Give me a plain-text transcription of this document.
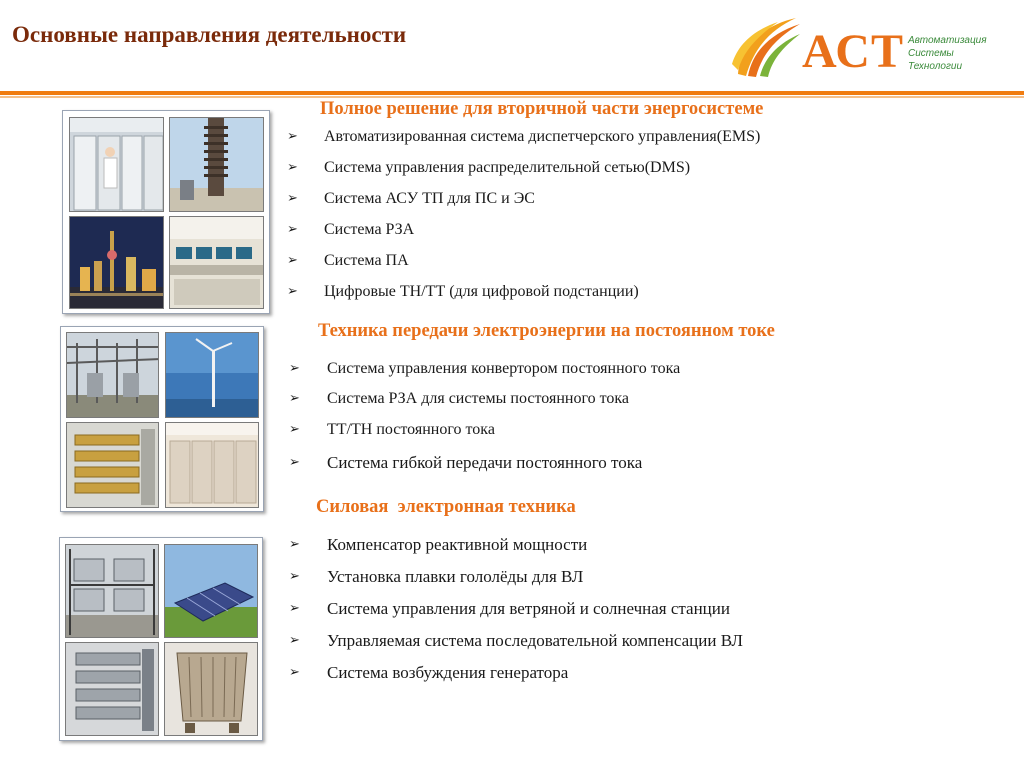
Основные направления деятельности	АСТ Автоматизация
Системы
Технологии
Полное решение для вторичной части энергосистеме
➢ Автоматизированная система диспетчерского управления(EMS)
➢ Система управления распределительной сетью(DMS)
➢ Система АСУ ТП для ПС и ЭС
➢ Система РЗА
➢ Система ПА
➢ Цифровые ТН/ТТ (для цифровой подстанции)
Техника передачи электроэнергии на постоянном токе
➢ Система управления конвертором постоянного тока
➢ Система РЗА для системы постоянного тока
➢ ТТ/ТН постоянного тока
➢ Система гибкой передачи постоянного тока
Силовая  электронная техника
➢ Компенсатор реактивной мощности
➢ Установка плавки гололёды для ВЛ
➢ Система управления для ветряной и солнечная станции
➢ Управляемая система последовательной компенсации ВЛ
➢ Система возбуждения генератора
